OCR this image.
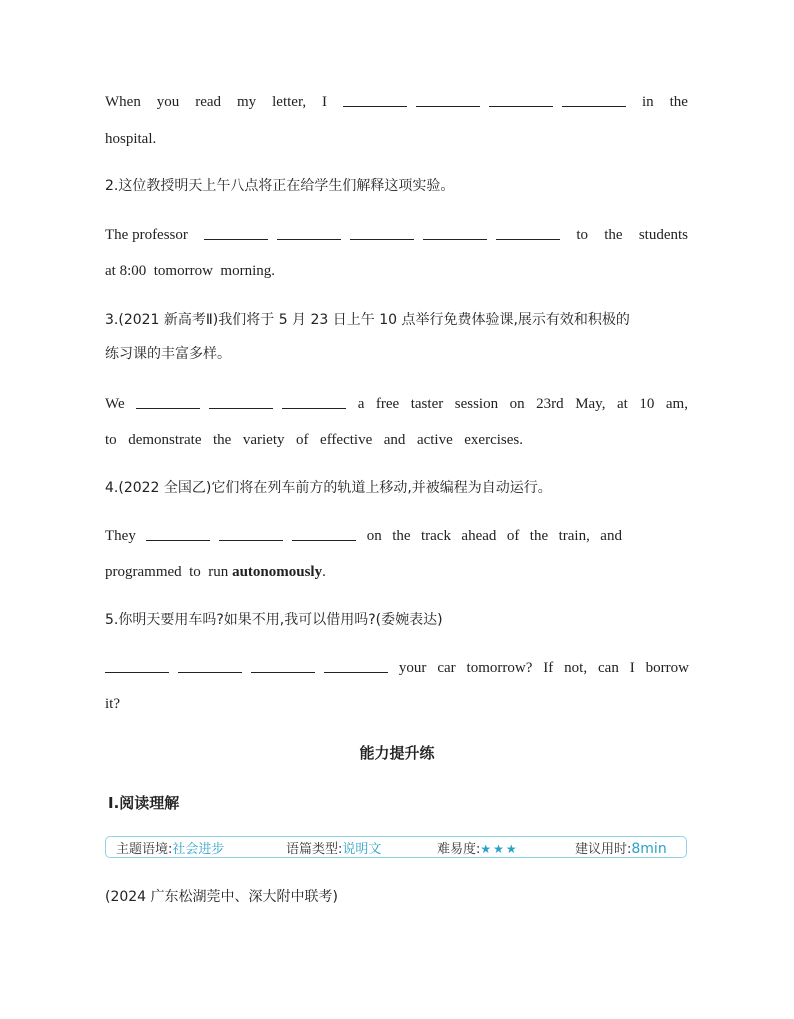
When you read my letter, I	in the
hospital.
2.这位教授明天上午八点将正在给学生们解释这项实验。
The professor	to the students
at 8:00  tomorrow  morning.
3.(2021 新高考Ⅱ)我们将于 5 月 23 日上午 10 点举行免费体验课,展示有效和积极的
练习课的丰富多样。
We	a free taster session on 23rd May, at 10 am,
to demonstrate the variety of effective and active exercises.
4.(2022 全国乙)它们将在列车前方的轨道上移动,并被编程为自动运行。
They	on the track ahead of the train, and
programmed  to  run autonomously.
5.你明天要用车吗?如果不用,我可以借用吗?(委婉表达)
your car tomorrow? If not, can I borrow
it?
能力提升练
Ⅰ.阅读理解
主题语境:社会进步	语篇类型:说明文	难易度:★★★	建议用时:8min
(2024 广东松湖莞中、深大附中联考)
